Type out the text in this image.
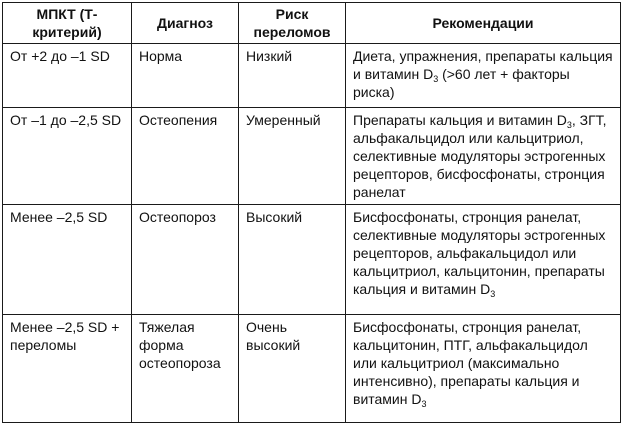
МПКТ (Т-критерий)	Диагноз	Риск переломов	Рекомендации
От +2 до –1 SD	Норма	Низкий	Диета, упражнения, препараты кальция и витамин $D_3$ (>60 лет + факторы риска)
От –1 до –2,5 SD	Остеопения	Умеренный	Препараты кальция и витамин $D_3$, ЗГТ, альфакальцидол или кальцитриол, селективные модуляторы эстрогенных рецепторов, бисфосфонаты, стронция ранелат
Менее –2,5 SD	Остеопороз	Высокий	Бисфосфонаты, стронция ранелат, селективные модуляторы эстрогенных рецепторов, альфакальцидол или кальцитриол, кальцитонин, препараты кальция и витамин $D_3$
Менее –2,5 SD + переломы	Тяжелая форма остеопороза	Очень высокий	Бисфосфонаты, стронция ранелат, кальцитонин, ПТГ, альфакальцидол или кальцитриол (максимально интенсивно), препараты кальция и витамин $D_3$
